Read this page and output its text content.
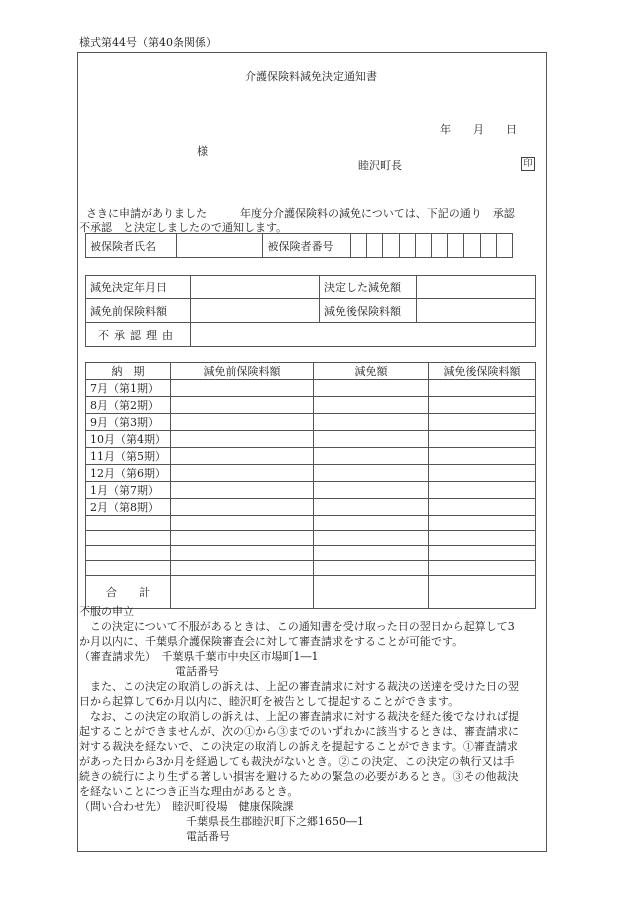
様式第44号（第40条関係）
介護保険料減免決定通知書
年　　月　　日
様
睦沢町長	印
さきに申請がありました　　　年度分介護保険料の減免については、下記の通り　承認
不承認　と決定しましたので通知します。
被保険者氏名		被保険者番号										
減免決定年月日		決定した減免額	
減免前保険料額		減免後保険料額	
不承認理由			
納　期	減免前保険料額	減免額	減免後保険料額
7月（第1期）			
8月（第2期）			
9月（第3期）			
10月（第4期）			
11月（第5期）			
12月（第6期）			
1月（第7期）			
2月（第8期）			

合　　計			
不服の申立
　この決定について不服があるときは、この通知書を受け取った日の翌日から起算して3
か月以内に、千葉県介護保険審査会に対して審査請求をすることが可能です。
（審査請求先）　千葉県千葉市中央区市場町1―1
電話番号
　また、この決定の取消しの訴えは、上記の審査請求に対する裁決の送達を受けた日の翌
日から起算して6か月以内に、睦沢町を被告として提起することができます。
　なお、この決定の取消しの訴えは、上記の審査請求に対する裁決を経た後でなければ提
起することができませんが、次の①から③までのいずれかに該当するときは、審査請求に
対する裁決を経ないで、この決定の取消しの訴えを提起することができます。①審査請求
があった日から3か月を経過しても裁決がないとき。②この決定、この決定の執行又は手
続きの続行により生ずる著しい損害を避けるための緊急の必要があるとき。③その他裁決
を経ないことにつき正当な理由があるとき。
（問い合わせ先）　睦沢町役場　健康保険課
千葉県長生郡睦沢町下之郷1650―1
電話番号
